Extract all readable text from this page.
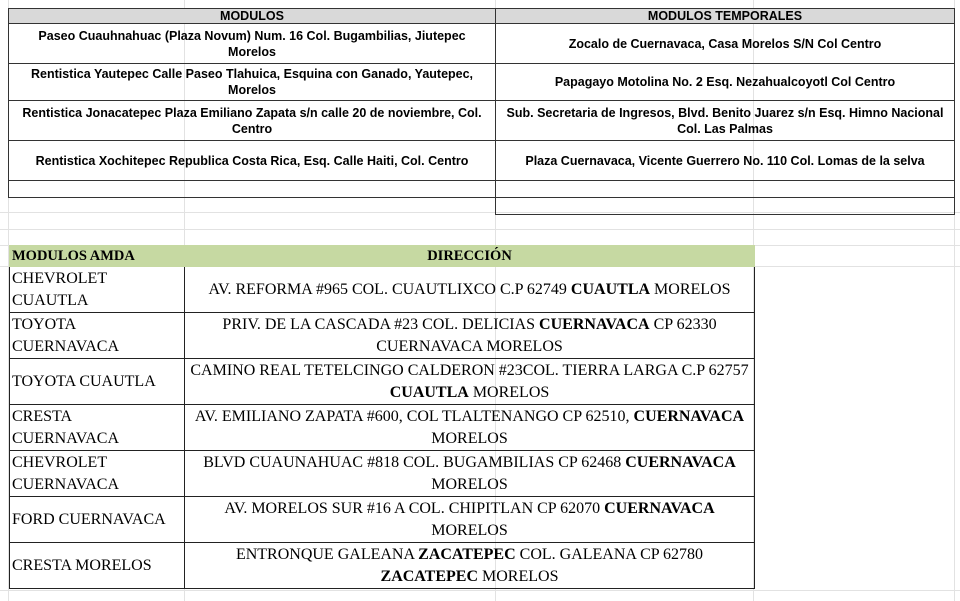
MODULOS	MODULOS TEMPORALES
Paseo Cuauhnahuac (Plaza Novum) Num. 16 Col. Bugambilias, Jiutepec Morelos	Zocalo de Cuernavaca, Casa Morelos S/N Col Centro
Rentistica Yautepec Calle Paseo Tlahuica, Esquina con Ganado, Yautepec, Morelos	Papagayo Motolina No. 2 Esq. Nezahualcoyotl Col Centro
Rentistica Jonacatepec Plaza Emiliano Zapata s/n calle 20 de noviembre, Col. Centro	Sub. Secretaria de Ingresos, Blvd. Benito Juarez s/n Esq. Himno Nacional Col. Las Palmas
Rentistica Xochitepec Republica Costa Rica, Esq. Calle Haiti, Col. Centro	Plaza Cuernavaca, Vicente Guerrero No. 110 Col. Lomas de la selva

MODULOS AMDA	DIRECCIÓN
CHEVROLET CUAUTLA	AV. REFORMA #965 COL. CUAUTLIXCO C.P 62749 CUAUTLA MORELOS
TOYOTA CUERNAVACA	PRIV. DE LA CASCADA #23 COL. DELICIAS CUERNAVACA CP 62330 CUERNAVACA MORELOS
TOYOTA CUAUTLA	CAMINO REAL TETELCINGO CALDERON #23COL. TIERRA LARGA C.P 62757 CUAUTLA MORELOS
CRESTA CUERNAVACA	AV. EMILIANO ZAPATA #600, COL TLALTENANGO CP 62510, CUERNAVACA MORELOS
CHEVROLET CUERNAVACA	BLVD CUAUNAHUAC #818 COL. BUGAMBILIAS CP 62468 CUERNAVACA MORELOS
FORD CUERNAVACA	AV. MORELOS SUR #16 A COL. CHIPITLAN CP 62070 CUERNAVACA MORELOS
CRESTA MORELOS	ENTRONQUE GALEANA ZACATEPEC COL. GALEANA CP 62780 ZACATEPEC MORELOS
